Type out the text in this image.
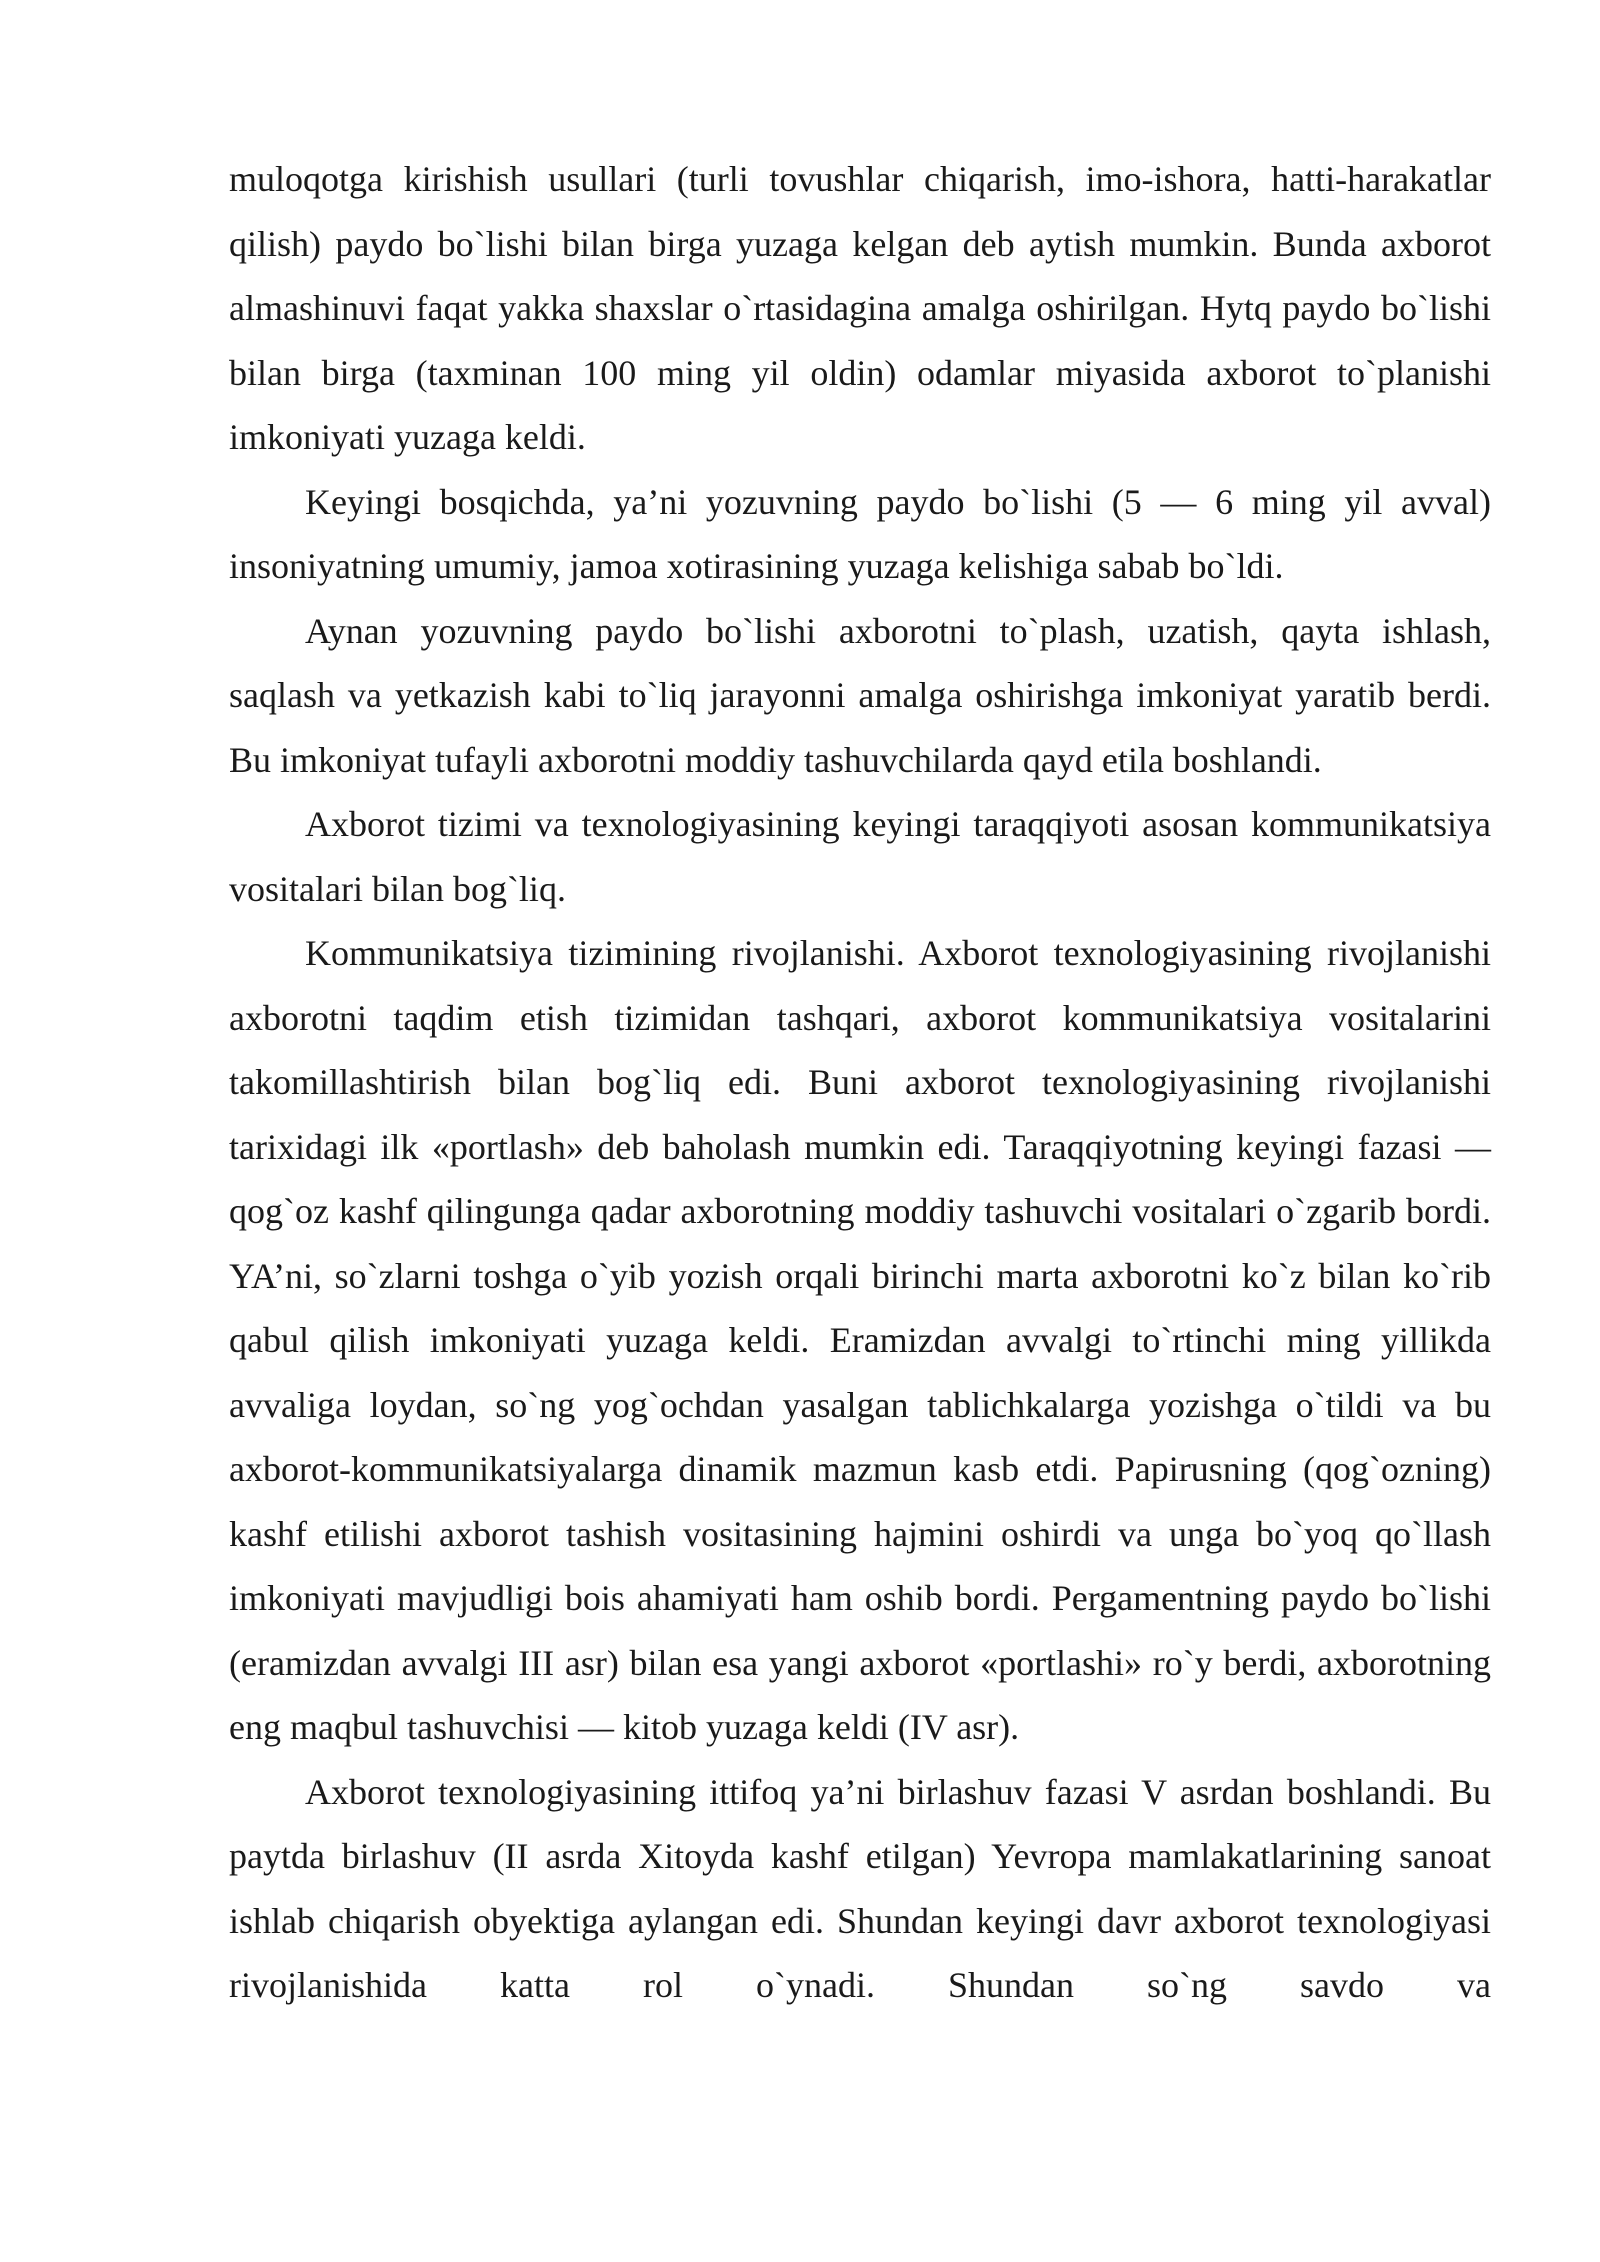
muloqotga kirishish usullari (turli tovushlar chiqarish, imo-ishora, hatti-harakatlar qilish) paydo bo`lishi bilan birga yuzaga kelgan deb aytish mumkin. Bunda axborot almashinuvi faqat yakka shaxslar o`rtasidagina amalga oshirilgan. Hytq paydo bo`lishi bilan birga (taxminan 100 ming yil oldin) odamlar miyasida axborot to`planishi imkoniyati yuzaga keldi.

Keyingi bosqichda, ya’ni yozuvning paydo bo`lishi (5 — 6 ming yil avval) insoniyatning umumiy, jamoa xotirasining yuzaga kelishiga sabab bo`ldi.

Aynan yozuvning paydo bo`lishi axborotni to`plash, uzatish, qayta ishlash, saqlash va yetkazish kabi to`liq jarayonni amalga oshirishga imkoniyat yaratib berdi. Bu imkoniyat tufayli axborotni moddiy tashuvchilarda qayd etila boshlandi.

Axborot tizimi va texnologiyasining keyingi taraqqiyoti asosan kommunikatsiya vositalari bilan bog`liq.

Kommunikatsiya tizimining rivojlanishi. Axborot texnologiyasining rivojlanishi axborotni taqdim etish tizimidan tashqari, axborot kommunikatsiya vositalarini takomillashtirish bilan bog`liq edi. Buni axborot texnologiyasining rivojlanishi tarixidagi ilk «portlash» deb baholash mumkin edi. Taraqqiyotning keyingi fazasi — qog`oz kashf qilingunga qadar axborotning moddiy tashuvchi vositalari o`zgarib bordi. YA’ni, so`zlarni toshga o`yib yozish orqali birinchi marta axborotni ko`z bilan ko`rib qabul qilish imkoniyati yuzaga keldi. Eramizdan avvalgi to`rtinchi ming yillikda avvaliga loydan, so`ng yog`ochdan yasalgan tablichkalarga yozishga o`tildi va bu axborot-kommunikatsiyalarga dinamik mazmun kasb etdi. Papirusning (qog`ozning) kashf etilishi axborot tashish vositasining hajmini oshirdi va unga bo`yoq qo`llash imkoniyati mavjudligi bois ahamiyati ham oshib bordi. Pergamentning paydo bo`lishi (eramizdan avvalgi III asr) bilan esa yangi axborot «portlashi» ro`y berdi, axborotning eng maqbul tashuvchisi — kitob yuzaga keldi (IV asr).

Axborot texnologiyasining ittifoq ya’ni birlashuv fazasi V asrdan boshlandi. Bu paytda birlashuv (II asrda Xitoyda kashf etilgan) Yevropa mamlakatlarining sanoat ishlab chiqarish obyektiga aylangan edi. Shundan keyingi davr axborot texnologiyasi rivojlanishida katta rol o`ynadi. Shundan so`ng savdo va
